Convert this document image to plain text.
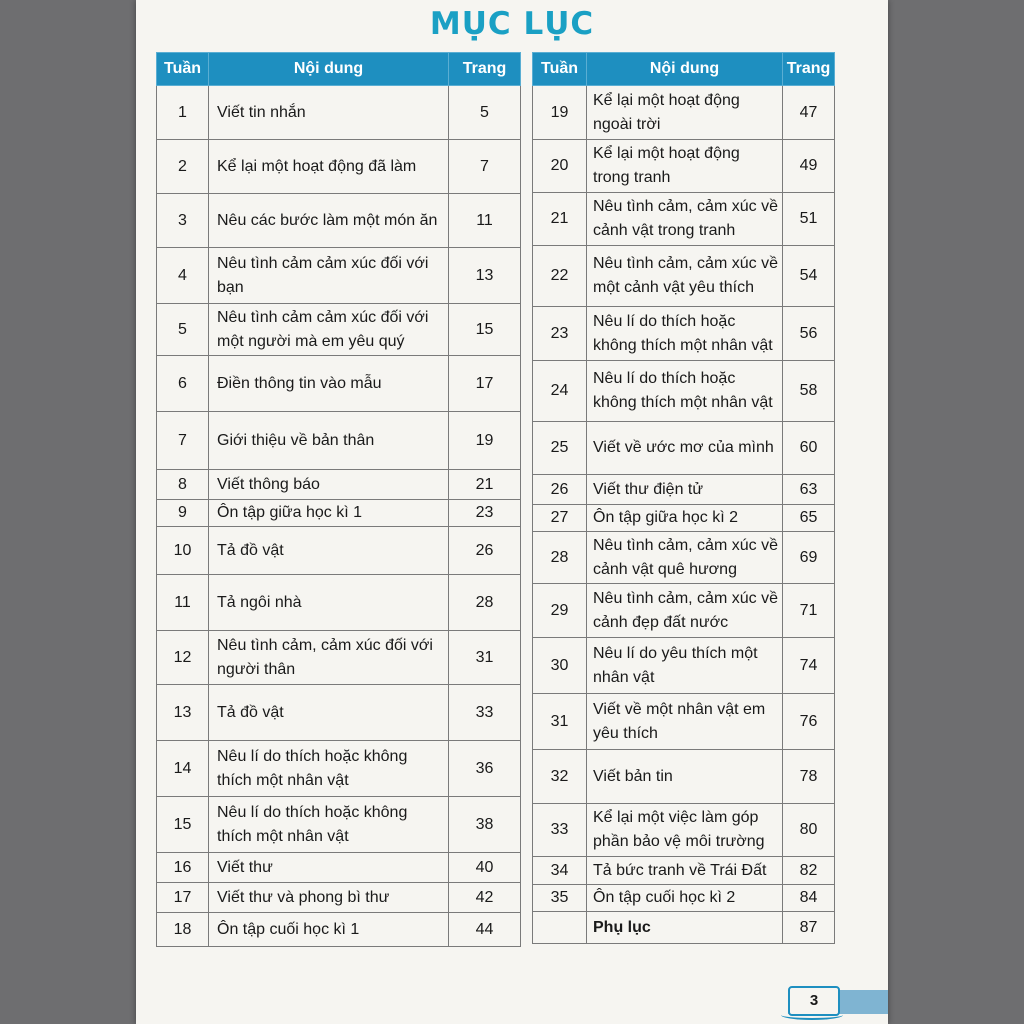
MỤC LỤC
Tuần	Nội dung	Trang
1	Viết tin nhắn	5
2	Kể lại một hoạt động đã làm	7
3	Nêu các bước làm một món ăn	11
4	Nêu tình cảm cảm xúc đối với bạn	13
5	Nêu tình cảm cảm xúc đối với một người mà em yêu quý	15
6	Điền thông tin vào mẫu	17
7	Giới thiệu về bản thân	19
8	Viết thông báo	21
9	Ôn tập giữa học kì 1	23
10	Tả đồ vật	26
11	Tả ngôi nhà	28
12	Nêu tình cảm, cảm xúc đối với người thân	31
13	Tả đồ vật	33
14	Nêu lí do thích hoặc không thích một nhân vật	36
15	Nêu lí do thích hoặc không thích một nhân vật	38
16	Viết thư	40
17	Viết thư và phong bì thư	42
18	Ôn tập cuối học kì 1	44
Tuần	Nội dung	Trang
19	Kể lại một hoạt động ngoài trời	47
20	Kể lại một hoạt động trong tranh	49
21	Nêu tình cảm, cảm xúc về cảnh vật trong tranh	51
22	Nêu tình cảm, cảm xúc về một cảnh vật yêu thích	54
23	Nêu lí do thích hoặc không thích một nhân vật	56
24	Nêu lí do thích hoặc không thích một nhân vật	58
25	Viết về ước mơ của mình	60
26	Viết thư điện tử	63
27	Ôn tập giữa học kì 2	65
28	Nêu tình cảm, cảm xúc về cảnh vật quê hương	69
29	Nêu tình cảm, cảm xúc về cảnh đẹp đất nước	71
30	Nêu lí do yêu thích một nhân vật	74
31	Viết về một nhân vật em yêu thích	76
32	Viết bản tin	78
33	Kể lại một việc làm góp phần bảo vệ môi trường	80
34	Tả bức tranh về Trái Đất	82
35	Ôn tập cuối học kì 2	84
	Phụ lục	87
3
